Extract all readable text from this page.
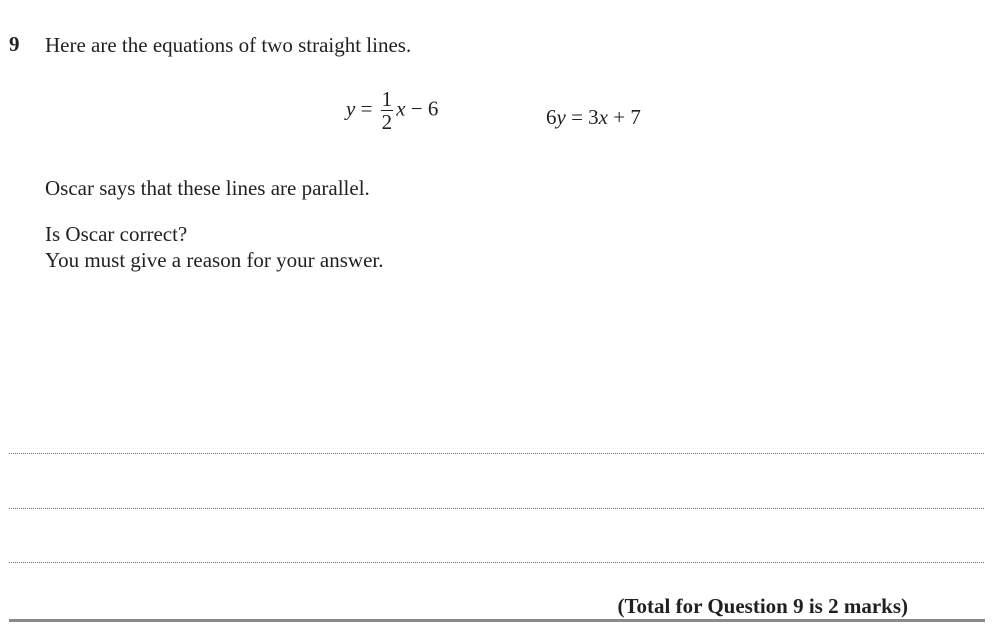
9 Here are the equations of two straight lines.
$y = \frac{1}{2}$ x − 6	6y = 3x + 7
Oscar says that these lines are parallel.
Is Oscar correct?
You must give a reason for your answer.
(Total for Question 9 is 2 marks)
